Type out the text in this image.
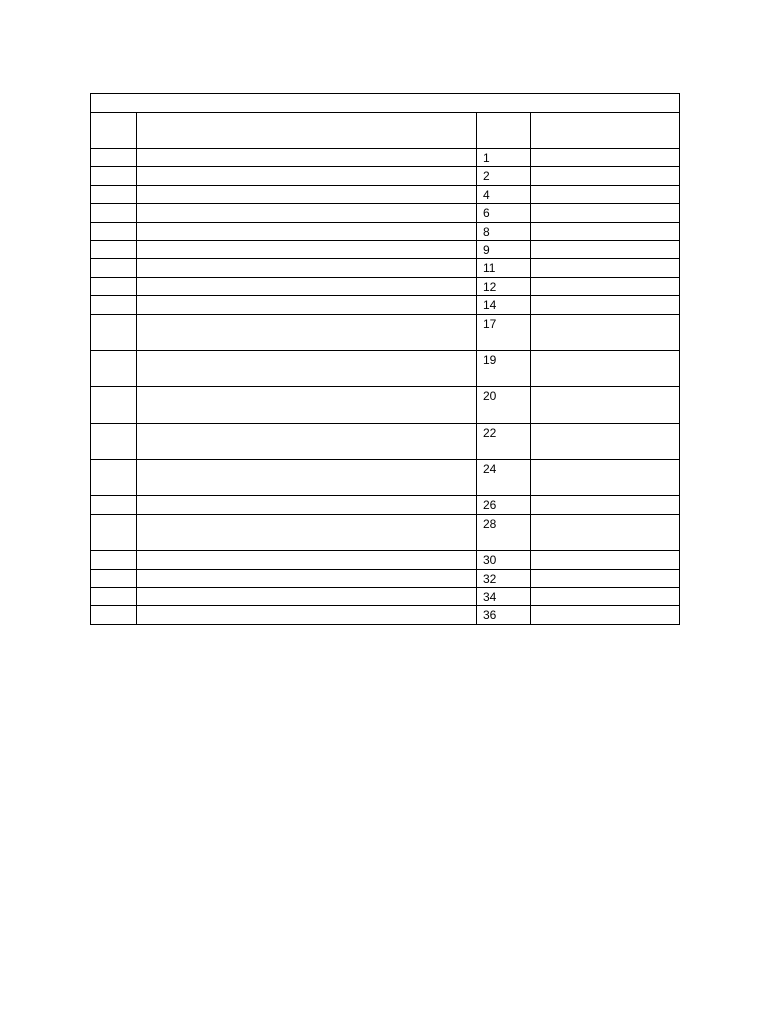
		1	

		2	

		4	

		6	

		8	

		9	

		11	

		12	

		14	

		17	

		19	

		20	

		22	

		24	

		26	

		28	

		30	

		32	

		34	

		36	
